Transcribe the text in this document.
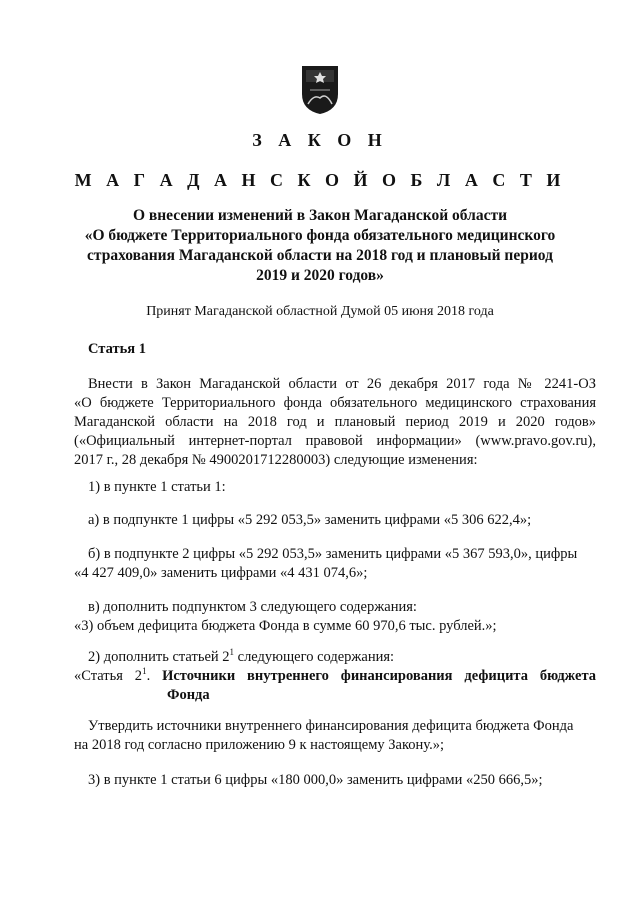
З А К О Н
М А Г А Д А Н С К О Й О Б Л А С Т И
О внесении изменений в Закон Магаданской области
«О бюджете Территориального фонда обязательного медицинского
страхования Магаданской области на 2018 год и плановый период
2019 и 2020 годов»
Принят Магаданской областной Думой 05 июня 2018 года
Статья 1
Внести в Закон Магаданской области от 26 декабря 2017 года № 2241-ОЗ
«О бюджете Территориального фонда обязательного медицинского страхования
Магаданской области на 2018 год и плановый период 2019 и 2020 годов»
(«Официальный интернет-портал правовой информации» (www.pravo.gov.ru),
2017 г., 28 декабря № 4900201712280003) следующие изменения:
1) в пункте 1 статьи 1:
а) в подпункте 1 цифры «5 292 053,5» заменить цифрами «5 306 622,4»;
б) в подпункте 2 цифры «5 292 053,5» заменить цифрами «5 367 593,0», цифры
«4 427 409,0» заменить цифрами «4 431 074,6»;
в) дополнить подпунктом 3 следующего содержания:
«3) объем дефицита бюджета Фонда в сумме 60 970,6 тыс. рублей.»;
2) дополнить статьей $2^1$ следующего содержания:
«Статья $2^1$. Источники внутреннего финансирования дефицита бюджета
Фонда
Утвердить источники внутреннего финансирования дефицита бюджета Фонда
на 2018 год согласно приложению 9 к настоящему Закону.»;
3) в пункте 1 статьи 6 цифры «180 000,0» заменить цифрами «250 666,5»;
